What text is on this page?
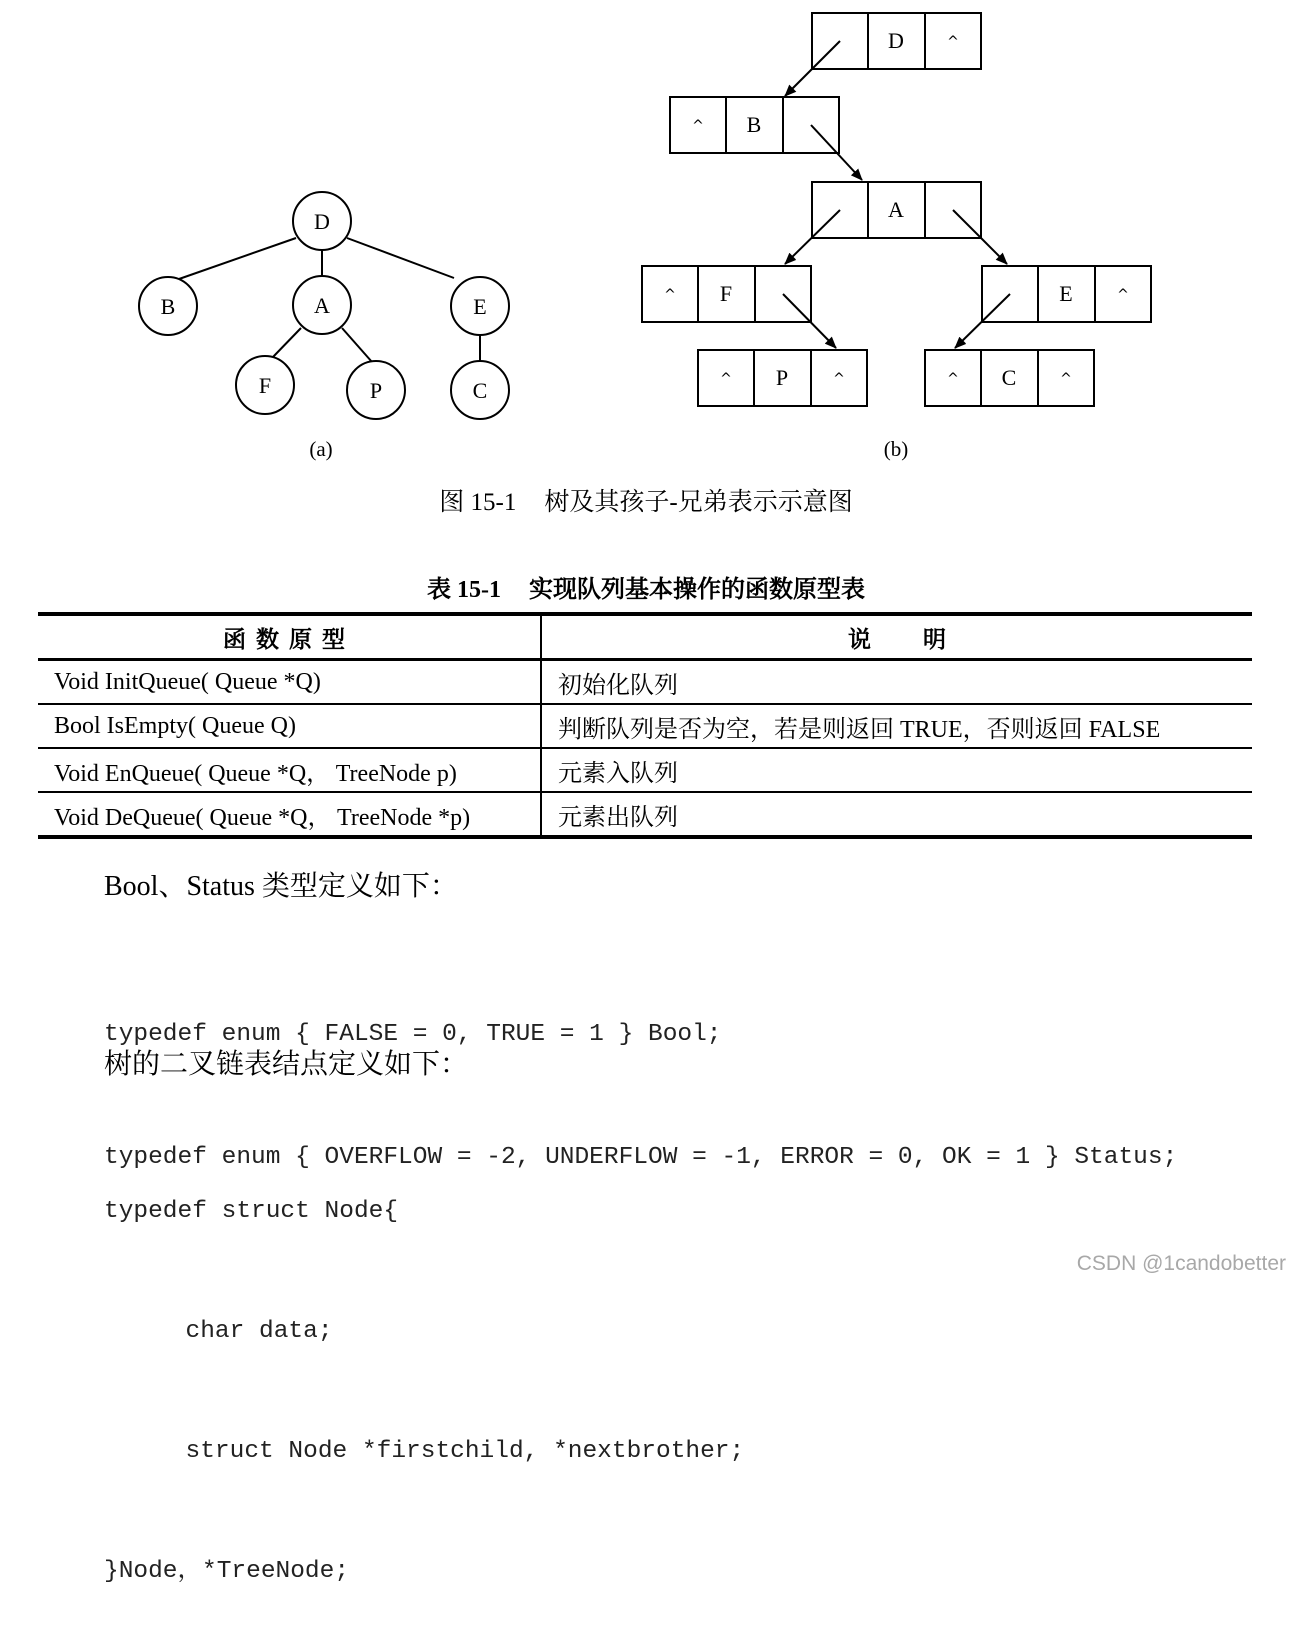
D
B	A	E
F	P	C
(a)
D	^
^ B
A
^ F	E	^
^ P	^	^ C	^
(b)
图 15-1 树及其孩子-兄弟表示示意图
表 15-1 实现队列基本操作的函数原型表
函数原型	说 明
Void InitQueue( Queue *Q)	初始化队列
Bool IsEmpty( Queue Q)	判断队列是否为空，若是则返回 TRUE，否则返回 FALSE
Void EnQueue( Queue *Q， TreeNode p)	元素入队列
Void DeQueue( Queue *Q， TreeNode *p)	元素出队列
Bool、Status 类型定义如下：

typedef enum { FALSE = 0, TRUE = 1 } Bool;

typedef enum { OVERFLOW = -2, UNDERFLOW = -1, ERROR = 0, OK = 1 } Status;

树的二叉链表结点定义如下：

typedef struct Node{

char data;

struct Node *firstchild, *nextbrother;

}Node，*TreeNode;

CSDN @1candobetter
